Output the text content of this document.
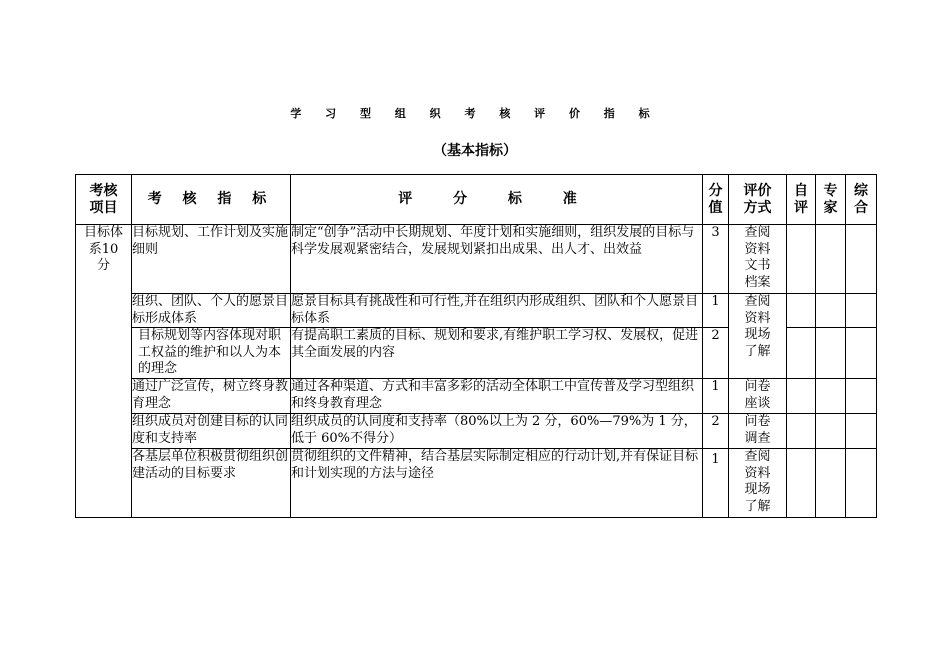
学 习 型 组 织 考 核 评 价 指 标
（基本指标）
考核项目	考 核 指 标	评 分 标 准	分值	评价方式	自评	专家	综合

目标体系10分	目标规划、工作计划及实施细则	制定“创争”活动中长期规划、年度计划和实施细则，组织发展的目标与科学发展观紧密结合，发展规划紧扣出成果、出人才、出效益	3	查阅资料文书档案			

	组织、团队、个人的愿景目标形成体系	愿景目标具有挑战性和可行性,并在组织内形成组织、团队和个人愿景目标体系	1	查阅资料现场了解			

	目标规划等内容体现对职工权益的维护和以人为本的理念	有提高职工素质的目标、规划和要求,有维护职工学习权、发展权，促进其全面发展的内容	2				
	通过广泛宣传，树立终身教育理念	通过各种渠道、方式和丰富多彩的活动全体职工中宣传普及学习型组织和终身教育理念	1	问卷座谈			

	组织成员对创建目标的认同度和支持率	组织成员的认同度和支持率（80%以上为 2 分，60%—79%为 1 分，低于 60%不得分）	2	问卷调查			

	各基层单位积极贯彻组织创建活动的目标要求	贯彻组织的文件精神，结合基层实际制定相应的行动计划,并有保证目标和计划实现的方法与途径	1	查阅资料现场了解			
